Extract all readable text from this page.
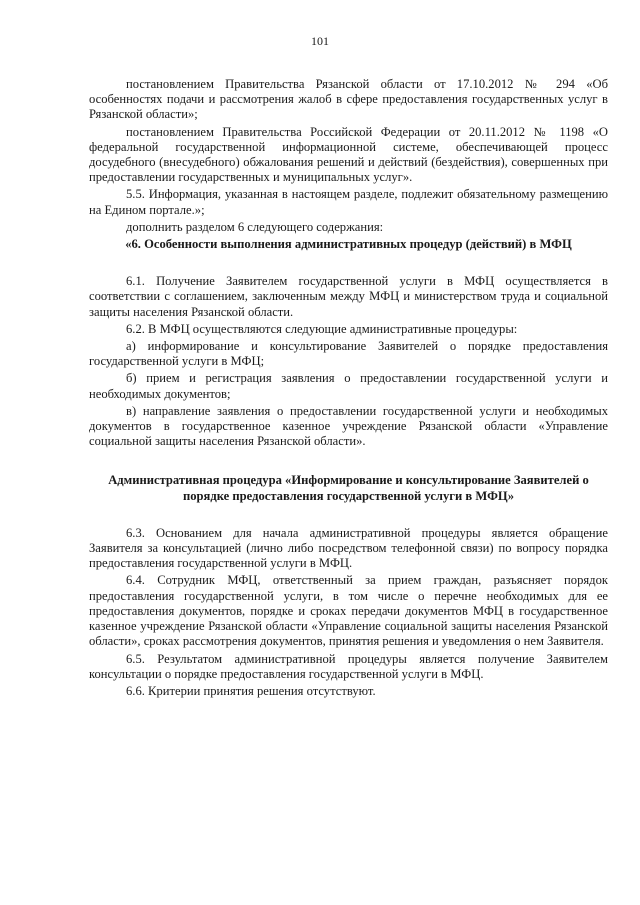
101

постановлением Правительства Рязанской области от 17.10.2012 № 294 «Об особенностях подачи и рассмотрения жалоб в сфере предоставления государственных услуг в Рязанской области»;

постановлением Правительства Российской Федерации от 20.11.2012 № 1198 «О федеральной государственной информационной системе, обеспечивающей процесс досудебного (внесудебного) обжалования решений и действий (бездействия), совершенных при предоставлении государственных и муниципальных услуг».

5.5. Информация, указанная в настоящем разделе, подлежит обязательному размещению на Едином портале.»;

дополнить разделом 6 следующего содержания:

«6. Особенности выполнения административных процедур (действий) в МФЦ

6.1. Получение Заявителем государственной услуги в МФЦ осуществляется в соответствии с соглашением, заключенным между МФЦ и министерством труда и социальной защиты населения Рязанской области.

6.2. В МФЦ осуществляются следующие административные процедуры:

а) информирование и консультирование Заявителей о порядке предоставления государственной услуги в МФЦ;

б) прием и регистрация заявления о предоставлении государственной услуги и необходимых документов;

в) направление заявления о предоставлении государственной услуги и необходимых документов в государственное казенное учреждение Рязанской области «Управление социальной защиты населения Рязанской области».

Административная процедура «Информирование и консультирование Заявителей о порядке предоставления государственной услуги в МФЦ»

6.3. Основанием для начала административной процедуры является обращение Заявителя за консультацией (лично либо посредством телефонной связи) по вопросу порядка предоставления государственной услуги в МФЦ.

6.4. Сотрудник МФЦ, ответственный за прием граждан, разъясняет порядок предоставления государственной услуги, в том числе о перечне необходимых для ее предоставления документов, порядке и сроках передачи документов МФЦ в государственное казенное учреждение Рязанской области «Управление социальной защиты населения Рязанской области», сроках рассмотрения документов, принятия решения и уведомления о нем Заявителя.

6.5. Результатом административной процедуры является получение Заявителем консультации о порядке предоставления государственной услуги в МФЦ.

6.6. Критерии принятия решения отсутствуют.
